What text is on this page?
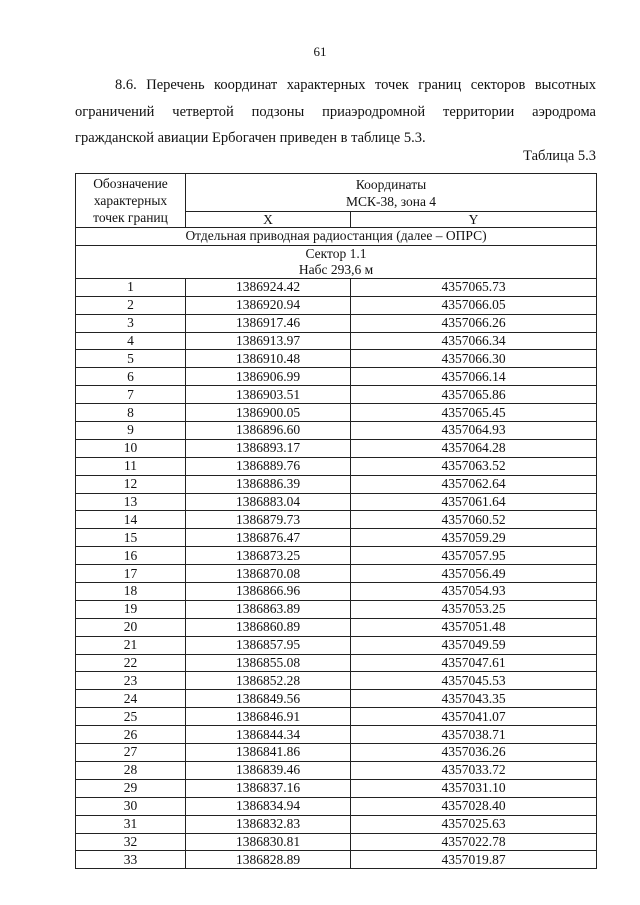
61

8.6. Перечень координат характерных точек границ секторов высотных ограничений четвертой подзоны приаэродромной территории аэродрома гражданской авиации Ербогачен приведен в таблице 5.3.

Таблица 5.3
Обозначение
характерных
точек границ	Координаты
МСК-38, зона 4	
	X	Y
Отдельная приводная радиостанция (далее – ОПРС)		
Сектор 1.1
Набс 293,6 м		
1	1386924.42	4357065.73
2	1386920.94	4357066.05
3	1386917.46	4357066.26
4	1386913.97	4357066.34
5	1386910.48	4357066.30
6	1386906.99	4357066.14
7	1386903.51	4357065.86
8	1386900.05	4357065.45
9	1386896.60	4357064.93
10	1386893.17	4357064.28
11	1386889.76	4357063.52
12	1386886.39	4357062.64
13	1386883.04	4357061.64
14	1386879.73	4357060.52
15	1386876.47	4357059.29
16	1386873.25	4357057.95
17	1386870.08	4357056.49
18	1386866.96	4357054.93
19	1386863.89	4357053.25
20	1386860.89	4357051.48
21	1386857.95	4357049.59
22	1386855.08	4357047.61
23	1386852.28	4357045.53
24	1386849.56	4357043.35
25	1386846.91	4357041.07
26	1386844.34	4357038.71
27	1386841.86	4357036.26
28	1386839.46	4357033.72
29	1386837.16	4357031.10
30	1386834.94	4357028.40
31	1386832.83	4357025.63
32	1386830.81	4357022.78
33	1386828.89	4357019.87
